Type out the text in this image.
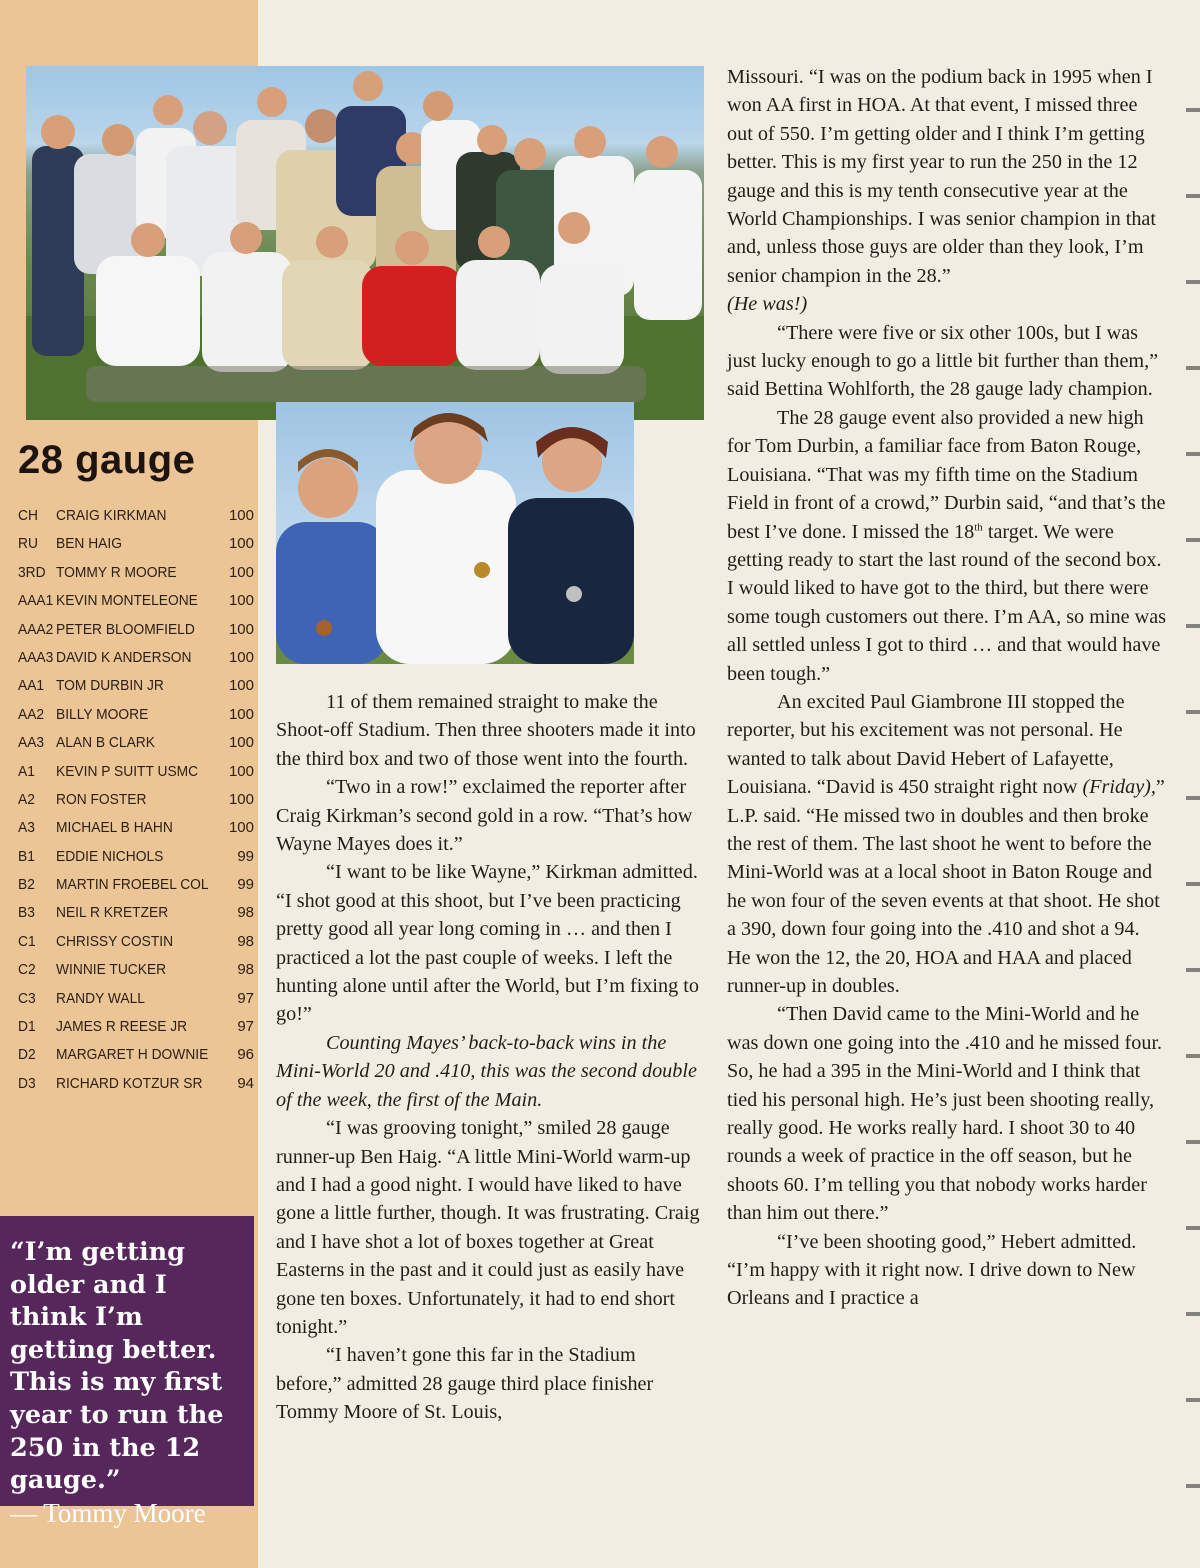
28 gauge
CH	CRAIG KIRKMAN	100
RU	BEN HAIG	100
3RD TOMMY R MOORE	100
AAA1 KEVIN MONTELEONE	100
AAA2 PETER BLOOMFIELD	100
AAA3 DAVID K ANDERSON	100
AA1 TOM DURBIN JR	100
AA2 BILLY MOORE	100
AA3 ALAN B CLARK	100
A1	KEVIN P SUITT USMC	100
A2	RON FOSTER	100
A3	MICHAEL B HAHN	100
B1	EDDIE NICHOLS	99
B2	MARTIN FROEBEL COL	99
B3	NEIL R KRETZER	98
C1	CHRISSY COSTIN	98
C2	WINNIE TUCKER	98
C3	RANDY WALL	97
D1	JAMES R REESE JR	97
D2	MARGARET H DOWNIE	96
D3	RICHARD KOTZUR SR	94

“I’m getting older and I think I’m getting better. This is my first year to run the 250 in the 12 gauge.”

— Tommy Moore

11 of them remained straight to make the Shoot-off Stadium. Then three shooters made it into the third box and two of those went into the fourth.

“Two in a row!” exclaimed the reporter after Craig Kirkman’s second gold in a row. “That’s how Wayne Mayes does it.”

“I want to be like Wayne,” Kirkman admitted. “I shot good at this shoot, but I’ve been practicing pretty good all year long coming in … and then I practiced a lot the past couple of weeks. I left the hunting alone until after the World, but I’m fixing to go!”

Counting Mayes’ back-to-back wins in the Mini-World 20 and .410, this was the second double of the week, the first of the Main.

“I was grooving tonight,” smiled 28 gauge runner-up Ben Haig. “A little Mini-World warm-up and I had a good night. I would have liked to have gone a little further, though. It was frustrating. Craig and I have shot a lot of boxes together at Great Easterns in the past and it could just as easily have gone ten boxes. Unfortunately, it had to end short tonight.”

“I haven’t gone this far in the Stadium before,” admitted 28 gauge third place finisher Tommy Moore of St. Louis,

Missouri. “I was on the podium back in 1995 when I won AA first in HOA. At that event, I missed three out of 550. I’m getting older and I think I’m getting better. This is my first year to run the 250 in the 12 gauge and this is my tenth consecutive year at the World Championships. I was senior champion in that and, unless those guys are older than they look, I’m senior champion in the 28.”
(He was!)

“There were five or six other 100s, but I was just lucky enough to go a little bit further than them,” said Bettina Wohlforth, the 28 gauge lady champion.

The 28 gauge event also provided a new high for Tom Durbin, a familiar face from Baton Rouge, Louisiana. “That was my fifth time on the Stadium Field in front of a crowd,” Durbin said, “and that’s the best I’ve done. I missed the 18th target. We were getting ready to start the last round of the second box. I would liked to have got to the third, but there were some tough customers out there. I’m AA, so mine was all settled unless I got to third … and that would have been tough.”

An excited Paul Giambrone III stopped the reporter, but his excitement was not personal. He wanted to talk about David Hebert of Lafayette, Louisiana. “David is 450 straight right now (Friday),” L.P. said. “He missed two in doubles and then broke the rest of them. The last shoot he went to before the Mini-World was at a local shoot in Baton Rouge and he won four of the seven events at that shoot. He shot a 390, down four going into the .410 and shot a 94. He won the 12, the 20, HOA and HAA and placed runner-up in doubles.

“Then David came to the Mini-World and he was down one going into the .410 and he missed four. So, he had a 395 in the Mini-World and I think that tied his personal high. He’s just been shooting really, really good. He works really hard. I shoot 30 to 40 rounds a week of practice in the off season, but he shoots 60. I’m telling you that nobody works harder than him out there.”

“I’ve been shooting good,” Hebert admitted. “I’m happy with it right now. I drive down to New Orleans and I practice a
